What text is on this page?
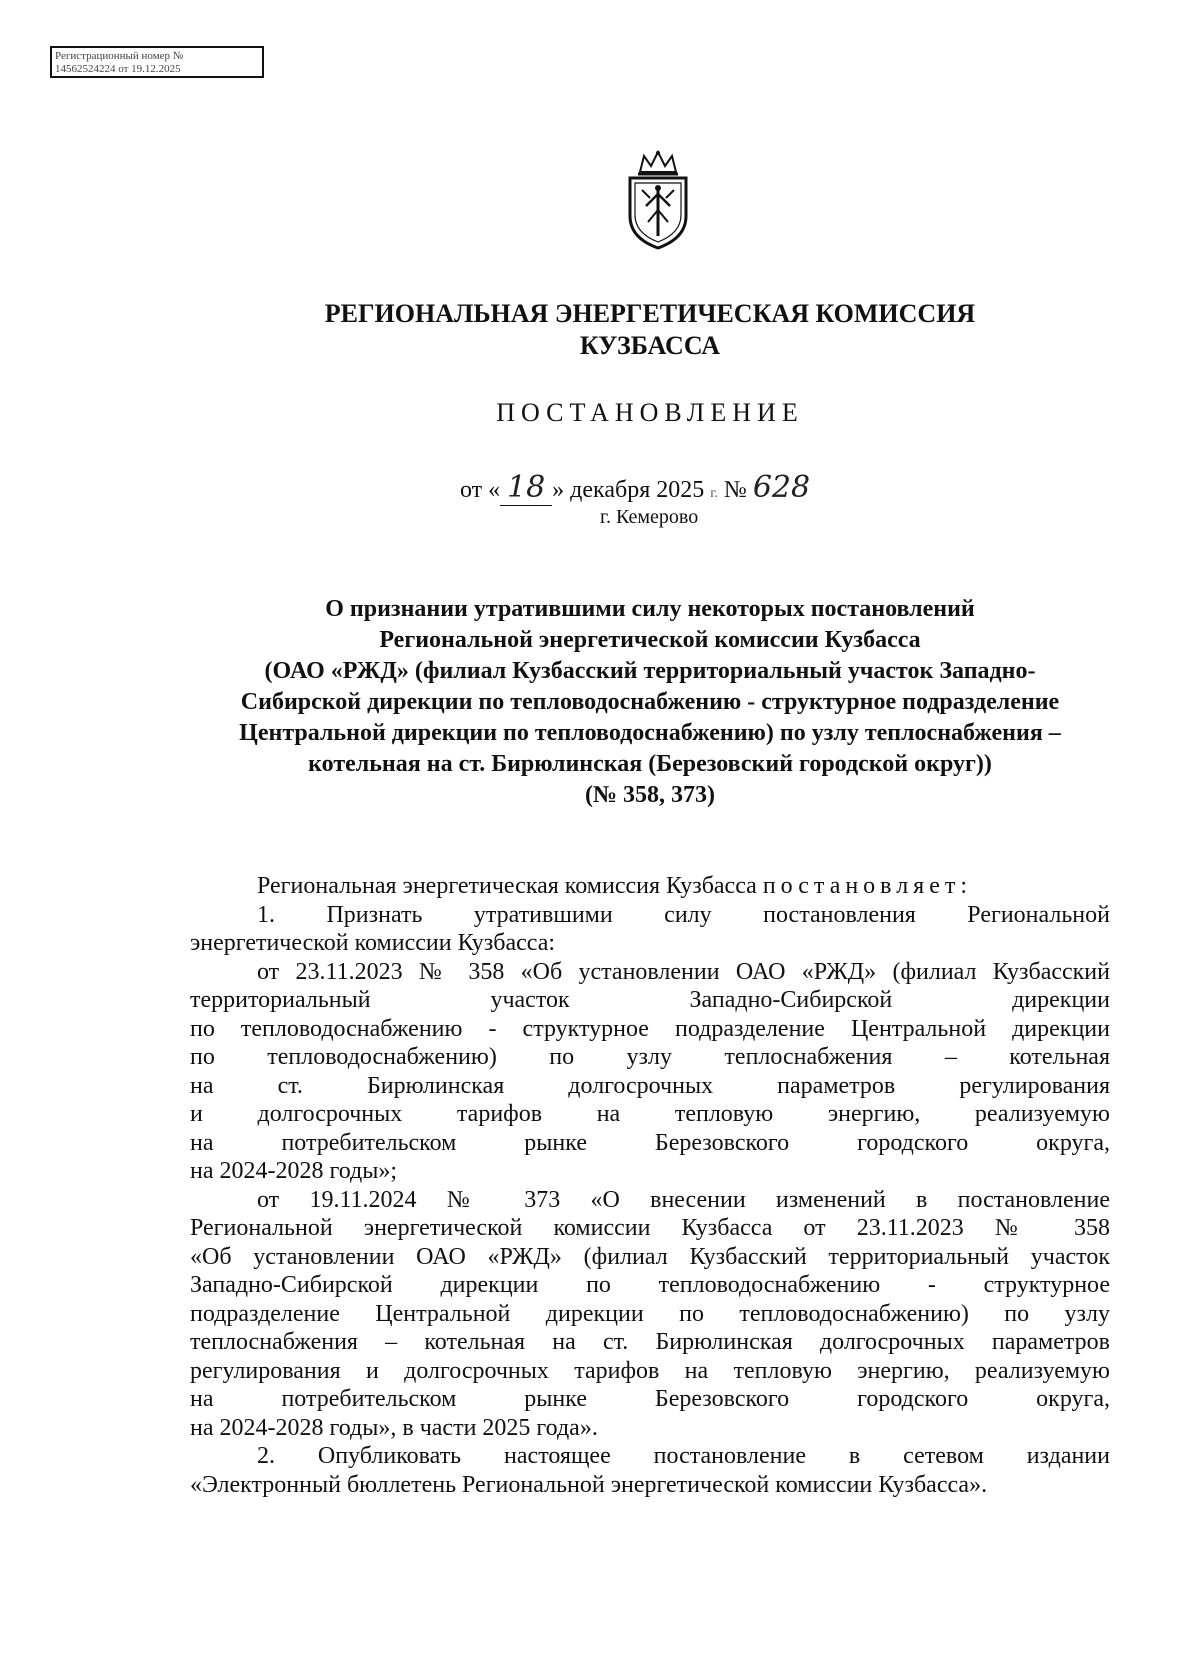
Регистрационный номер №
14562524224 от 19.12.2025
РЕГИОНАЛЬНАЯ ЭНЕРГЕТИЧЕСКАЯ КОМИССИЯ
КУЗБАССА
ПОСТАНОВЛЕНИЕ
от « 18 » декабря 2025 г. № 628
г. Кемерово
О признании утратившими силу некоторых постановлений
Региональной энергетической комиссии Кузбасса
(ОАО «РЖД» (филиал Кузбасский территориальный участок Западно-
Сибирской дирекции по тепловодоснабжению - структурное подразделение
Центральной дирекции по тепловодоснабжению) по узлу теплоснабжения –
котельная на ст. Бирюлинская (Березовский городской округ))
(№ 358, 373)

Региональная энергетическая комиссия Кузбасса постановляет:

1. Признать утратившими силу постановления Региональной
энергетической комиссии Кузбасса:
от 23.11.2023 № 358 «Об установлении ОАО «РЖД» (филиал Кузбасский
территориальный участок Западно-Сибирской дирекции
по тепловодоснабжению - структурное подразделение Центральной дирекции
по тепловодоснабжению) по узлу теплоснабжения – котельная
на ст. Бирюлинская долгосрочных параметров регулирования
и долгосрочных тарифов на тепловую энергию, реализуемую
на потребительском рынке Березовского городского округа,
на 2024-2028 годы»;
от 19.11.2024 № 373 «О внесении изменений в постановление
Региональной энергетической комиссии Кузбасса от 23.11.2023 № 358
«Об установлении ОАО «РЖД» (филиал Кузбасский территориальный участок
Западно-Сибирской дирекции по тепловодоснабжению - структурное
подразделение Центральной дирекции по тепловодоснабжению) по узлу
теплоснабжения – котельная на ст. Бирюлинская долгосрочных параметров
регулирования и долгосрочных тарифов на тепловую энергию, реализуемую
на потребительском рынке Березовского городского округа,
на 2024-2028 годы», в части 2025 года».
2. Опубликовать настоящее постановление в сетевом издании
«Электронный бюллетень Региональной энергетической комиссии Кузбасса».
